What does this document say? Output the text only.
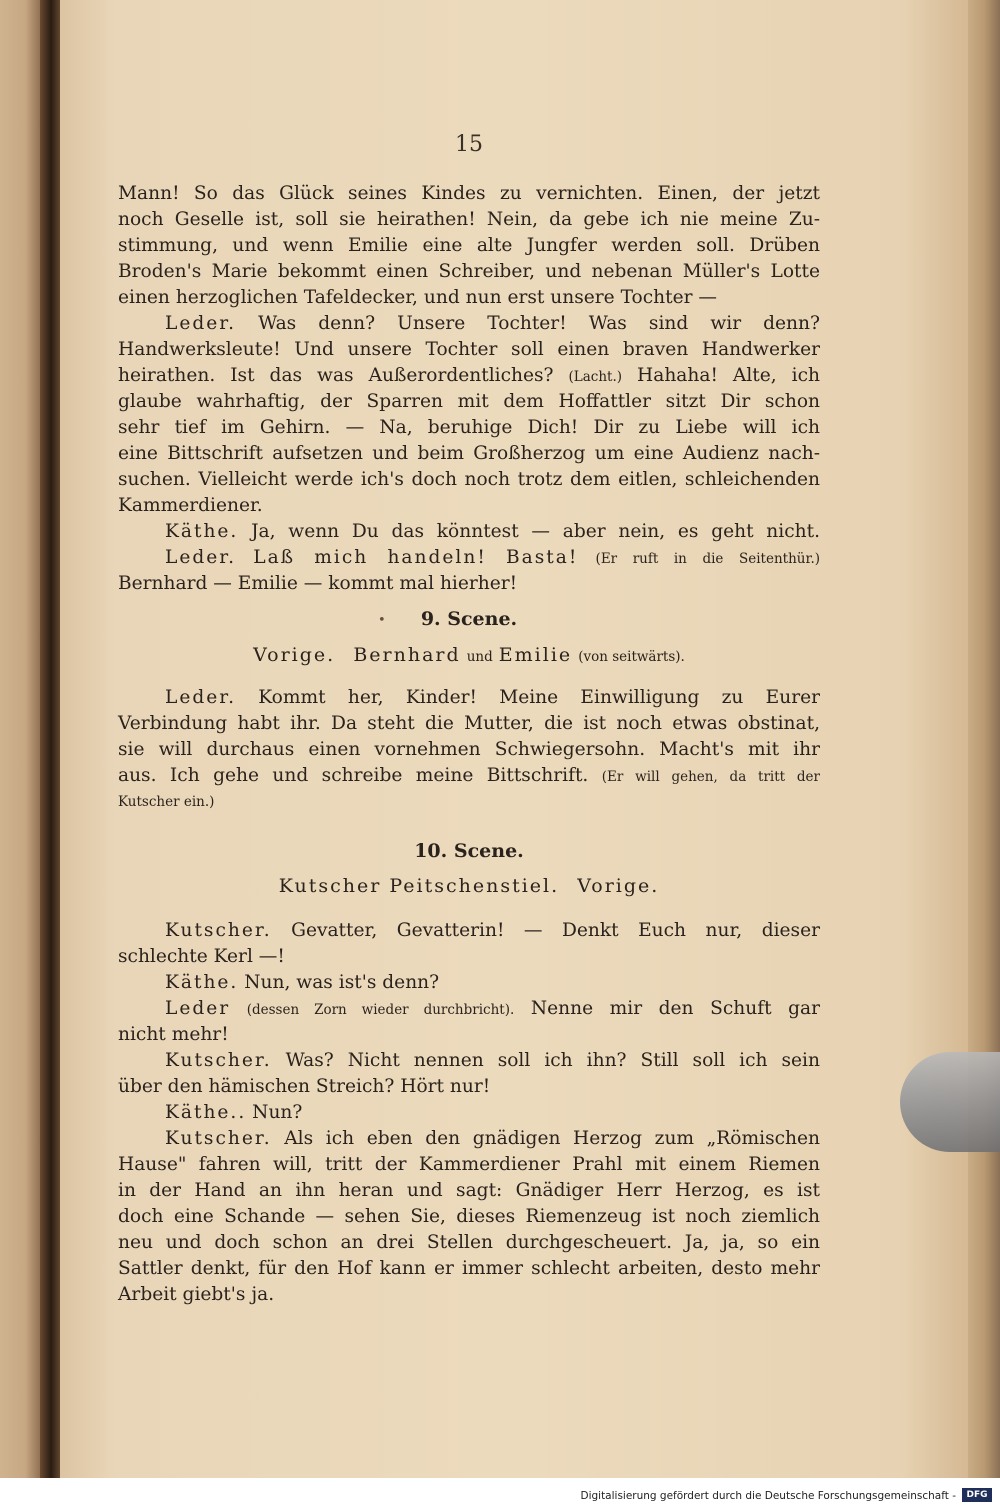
15
Mann! So das Glück seines Kindes zu vernichten. Einen, der jetzt
noch Geselle ist, soll sie heirathen! Nein, da gebe ich nie meine Zu-
stimmung, und wenn Emilie eine alte Jungfer werden soll. Drüben
Broden's Marie bekommt einen Schreiber, und nebenan Müller's Lotte
einen herzoglichen Tafeldecker, und nun erst unsere Tochter —
Leder. Was denn? Unsere Tochter! Was sind wir denn?
Handwerksleute! Und unsere Tochter soll einen braven Handwerker
heirathen. Ist das was Außerordentliches? (Lacht.) Hahaha! Alte, ich
glaube wahrhaftig, der Sparren mit dem Hoffattler sitzt Dir schon
sehr tief im Gehirn. — Na, beruhige Dich! Dir zu Liebe will ich
eine Bittschrift aufsetzen und beim Großherzog um eine Audienz nach-
suchen. Vielleicht werde ich's doch noch trotz dem eitlen, schleichenden
Kammerdiener.
Käthe. Ja, wenn Du das könntest — aber nein, es geht nicht.
Leder. Laß mich handeln! Basta! (Er ruft in die Seitenthür.)
Bernhard — Emilie — kommt mal hierher!
•	9. Scene.
Vorige. Bernhard und Emilie (von seitwärts).
Leder. Kommt her, Kinder! Meine Einwilligung zu Eurer
Verbindung habt ihr. Da steht die Mutter, die ist noch etwas obstinat,
sie will durchaus einen vornehmen Schwiegersohn. Macht's mit ihr
aus. Ich gehe und schreibe meine Bittschrift. (Er will gehen, da tritt der
Kutscher ein.)
10. Scene.
Kutscher Peitschenstiel. Vorige.
Kutscher. Gevatter, Gevatterin! — Denkt Euch nur, dieser
schlechte Kerl —!
Käthe. Nun, was ist's denn?
Leder (dessen Zorn wieder durchbricht). Nenne mir den Schuft gar
nicht mehr!
Kutscher. Was? Nicht nennen soll ich ihn? Still soll ich sein
über den hämischen Streich? Hört nur!
Käthe.. Nun?
Kutscher. Als ich eben den gnädigen Herzog zum „Römischen
Hause" fahren will, tritt der Kammerdiener Prahl mit einem Riemen
in der Hand an ihn heran und sagt: Gnädiger Herr Herzog, es ist
doch eine Schande — sehen Sie, dieses Riemenzeug ist noch ziemlich
neu und doch schon an drei Stellen durchgescheuert. Ja, ja, so ein
Sattler denkt, für den Hof kann er immer schlecht arbeiten, desto mehr
Arbeit giebt's ja.
Digitalisierung gefördert durch die Deutsche Forschungsgemeinschaft -	DFG
